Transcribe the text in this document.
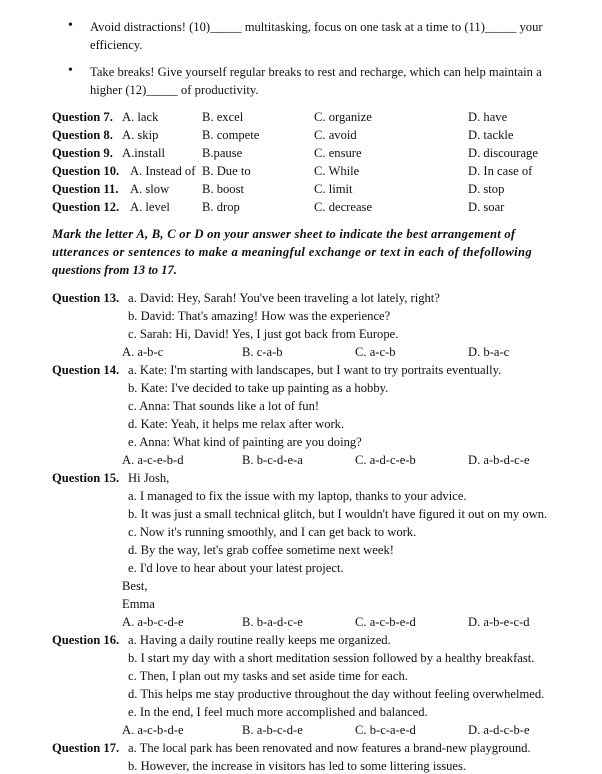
• Avoid distractions! (10)_____ multitasking, focus on one task at a time to (11)_____ your
efficiency.
• Take breaks! Give yourself regular breaks to rest and recharge, which can help maintain a
higher (12)_____ of productivity.
Question 7. A. lack	B. excel	C. organize	D. have
Question 8. A. skip	B. compete	C. avoid	D. tackle
Question 9. A.install	B.pause	C. ensure	D. discourage
Question 10. A. Instead of B. Due to	C. While	D. In case of
Question 11. A. slow	B. boost	C. limit	D. stop
Question 12. A. level	B. drop	C. decrease	D. soar
Mark the letter A, B, C or D on your answer sheet to indicate the best arrangement of
utterances or sentences to make a meaningful exchange or text in each of thefollowing
questions from 13 to 17.
Question 13. a. David: Hey, Sarah! You've been traveling a lot lately, right?
b. David: That's amazing! How was the experience?
c. Sarah: Hi, David! Yes, I just got back from Europe.
A. a-b-c	B. c-a-b	C. a-c-b	D. b-a-c
Question 14. a. Kate: I'm starting with landscapes, but I want to try portraits eventually.
b. Kate: I've decided to take up painting as a hobby.
c. Anna: That sounds like a lot of fun!
d. Kate: Yeah, it helps me relax after work.
e. Anna: What kind of painting are you doing?
A. a-c-e-b-d	B. b-c-d-e-a	C. a-d-c-e-b	D. a-b-d-c-e
Question 15. Hi Josh,
a. I managed to fix the issue with my laptop, thanks to your advice.
b. It was just a small technical glitch, but I wouldn't have figured it out on my own.
c. Now it's running smoothly, and I can get back to work.
d. By the way, let's grab coffee sometime next week!
e. I'd love to hear about your latest project.
Best,
Emma
A. a-b-c-d-e	B. b-a-d-c-e	C. a-c-b-e-d	D. a-b-e-c-d
Question 16. a. Having a daily routine really keeps me organized.
b. I start my day with a short meditation session followed by a healthy breakfast.
c. Then, I plan out my tasks and set aside time for each.
d. This helps me stay productive throughout the day without feeling overwhelmed.
e. In the end, I feel much more accomplished and balanced.
A. a-c-b-d-e	B. a-b-c-d-e	C. b-c-a-e-d	D. a-d-c-b-e
Question 17. a. The local park has been renovated and now features a brand-new playground.
b. However, the increase in visitors has led to some littering issues.
